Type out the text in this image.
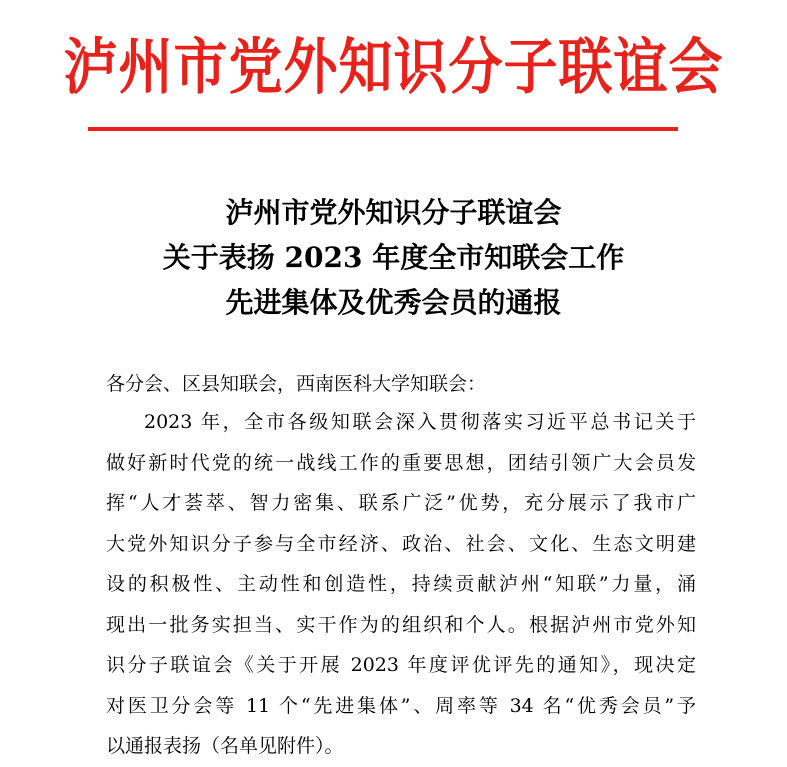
泸州市党外知识分子联谊会
泸州市党外知识分子联谊会
关于表扬 2023 年度全市知联会工作
先进集体及优秀会员的通报
各分会、区县知联会，西南医科大学知联会：
2023 年，全市各级知联会深入贯彻落实习近平总书记关于
做好新时代党的统一战线工作的重要思想，团结引领广大会员发
挥“人才荟萃、智力密集、联系广泛”优势，充分展示了我市广
大党外知识分子参与全市经济、政治、社会、文化、生态文明建
设的积极性、主动性和创造性，持续贡献泸州“知联”力量，涌
现出一批务实担当、实干作为的组织和个人。根据泸州市党外知
识分子联谊会《关于开展 2023 年度评优评先的通知》，现决定
对医卫分会等 11 个“先进集体”、周率等 34 名“优秀会员”予
以通报表扬（名单见附件）。
